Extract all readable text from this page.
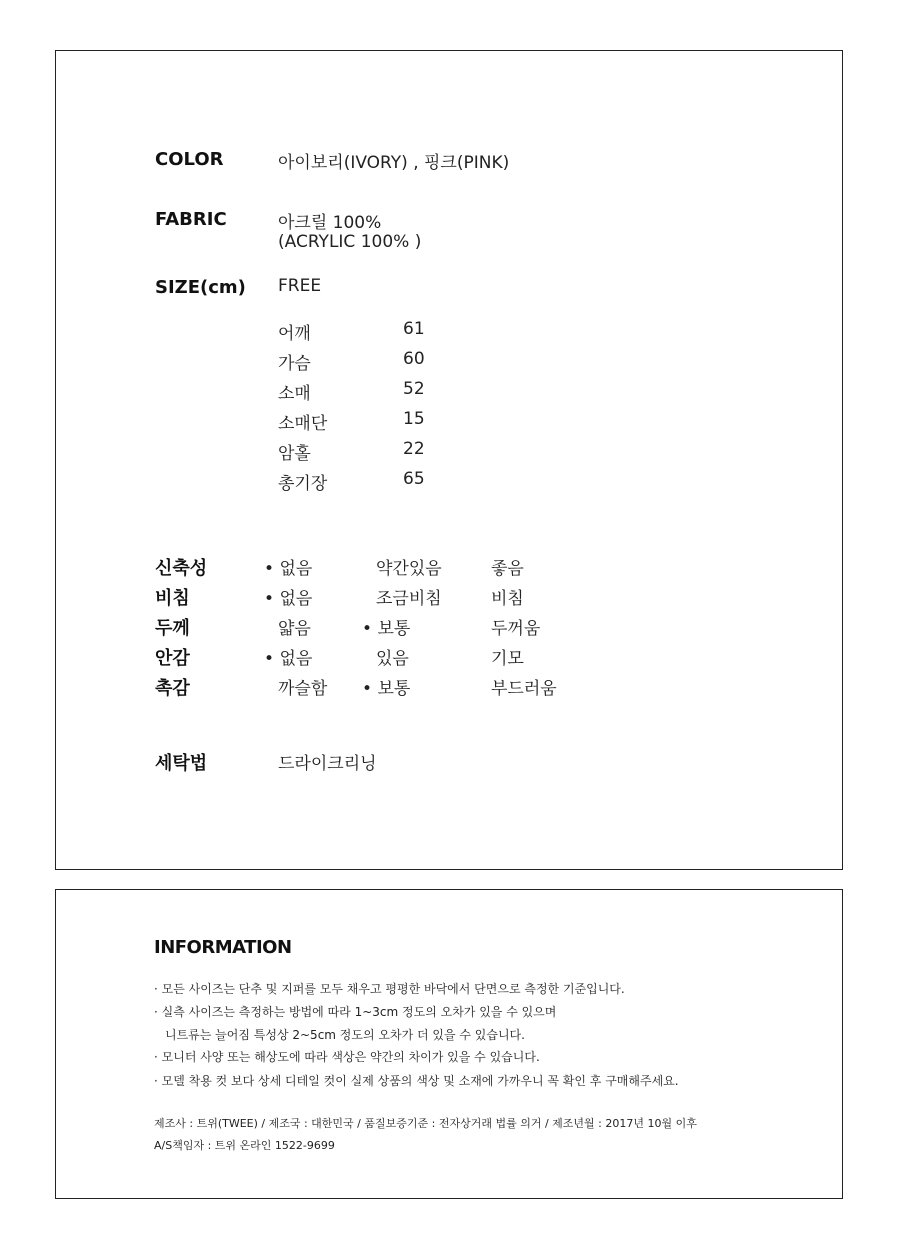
COLOR	아이보리(IVORY) , 핑크(PINK)
FABRIC	아크릴 100%
(ACRYLIC 100% )
SIZE(cm) FREE
어깨	61
가슴	60
소매	52
소매단	15
암홀	22
총기장	65
신축성	• 없음	약간있음	좋음
비침	• 없음	조금비침	비침
두께	얇음	• 보통	두꺼움
안감	• 없음	있음	기모
촉감	까슬함	• 보통	부드러움
세탁법	드라이크리닝
INFORMATION
· 모든 사이즈는 단추 및 지퍼를 모두 채우고 평평한 바닥에서 단면으로 측정한 기준입니다.
· 실측 사이즈는 측정하는 방법에 따라 1~3cm 정도의 오차가 있을 수 있으며
니트류는 늘어짐 특성상 2~5cm 정도의 오차가 더 있을 수 있습니다.
· 모니터 사양 또는 해상도에 따라 색상은 약간의 차이가 있을 수 있습니다.
· 모델 착용 컷 보다 상세 디테일 컷이 실제 상품의 색상 및 소재에 가까우니 꼭 확인 후 구매해주세요.
제조사 : 트위(TWEE) / 제조국 : 대한민국 / 품질보증기준 : 전자상거래 법률 의거 / 제조년월 : 2017년 10월 이후
A/S책임자 : 트위 온라인 1522-9699
